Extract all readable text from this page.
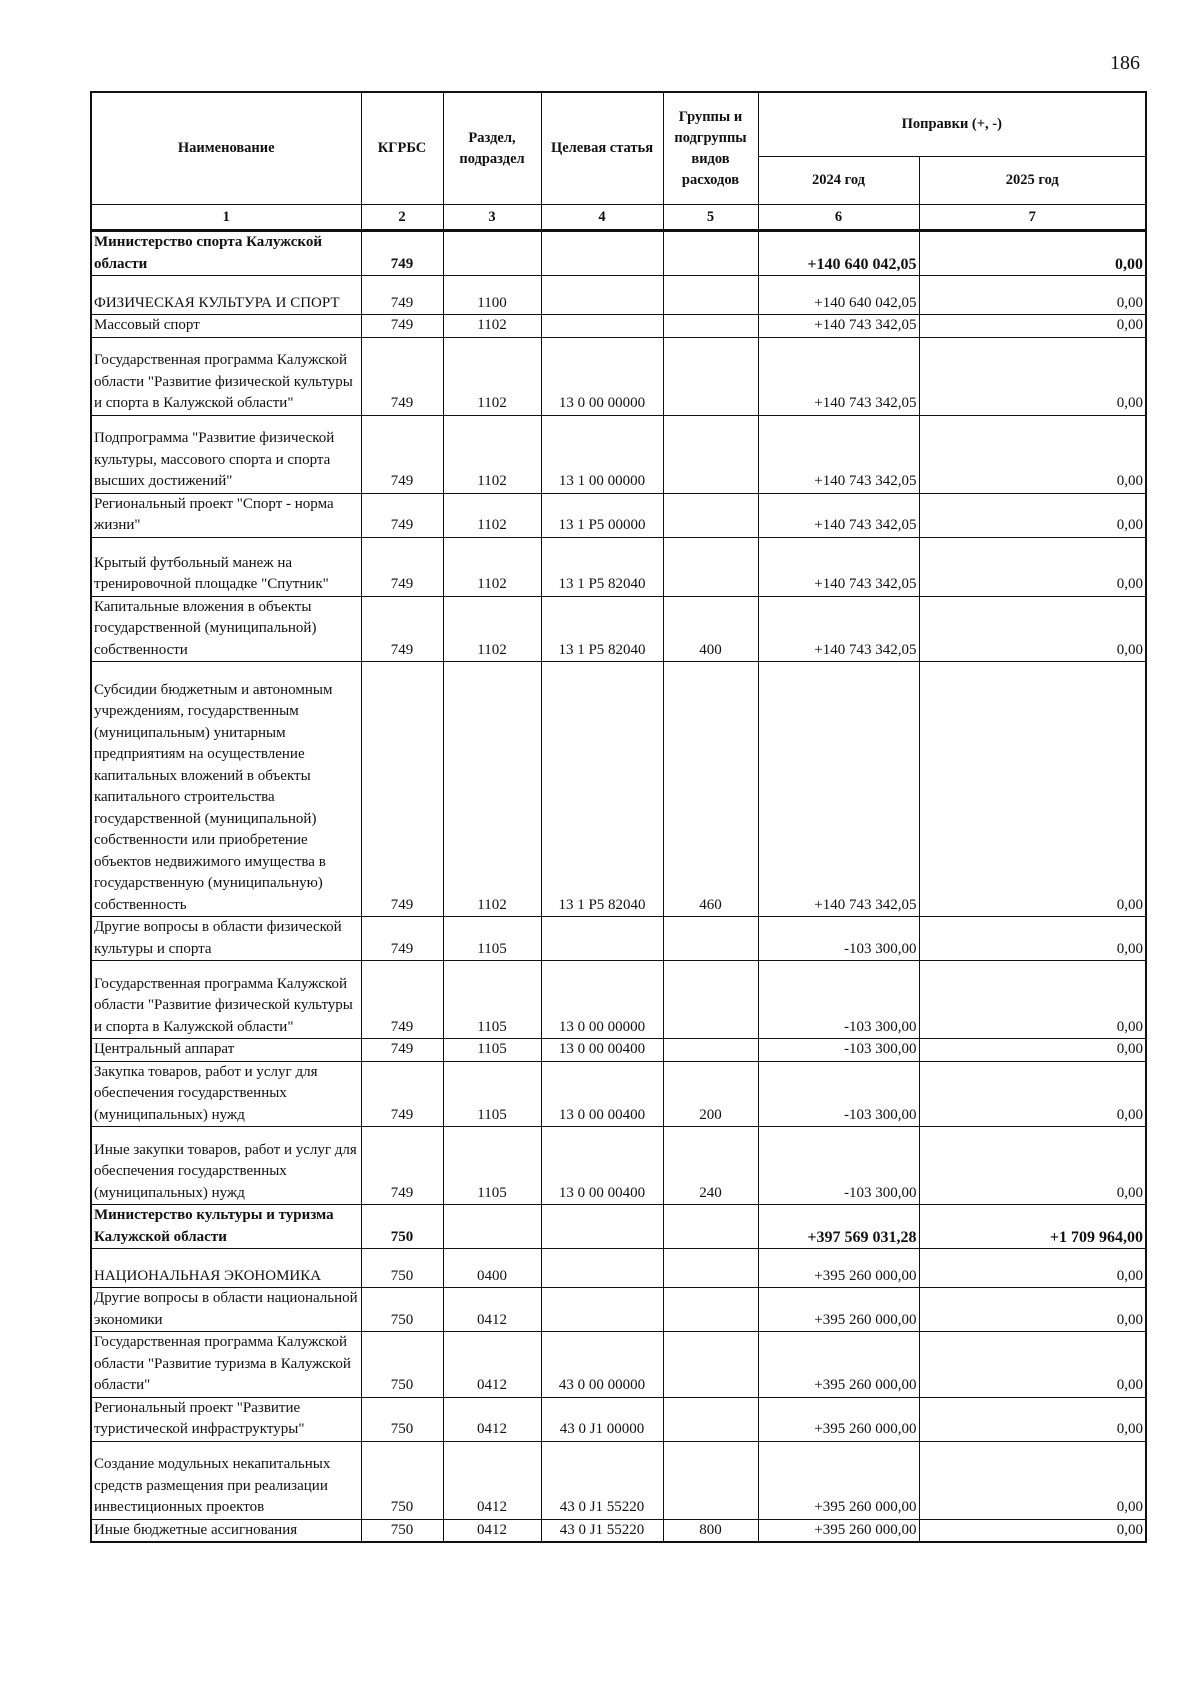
186
Наименование	КГРБС	Раздел, подраздел	Целевая статья	Группы и подгруппы видов расходов	Поправки (+, -)	
					2024 год	2025 год
1	2	3	4	5	6	7
Министерство спорта Калужской области	749				+140 640 042,05	0,00
ФИЗИЧЕСКАЯ КУЛЬТУРА И СПОРТ	749	1100			+140 640 042,05	0,00
Массовый спорт	749	1102			+140 743 342,05	0,00
Государственная программа Калужской области "Развитие физической культуры и спорта в Калужской области"	749	1102	13 0 00 00000		+140 743 342,05	0,00
Подпрограмма "Развитие физической культуры, массового спорта и спорта высших достижений"	749	1102	13 1 00 00000		+140 743 342,05	0,00
Региональный проект "Спорт - норма жизни"	749	1102	13 1 P5 00000		+140 743 342,05	0,00
Крытый футбольный манеж на тренировочной площадке "Спутник"	749	1102	13 1 P5 82040		+140 743 342,05	0,00
Капитальные вложения в объекты государственной (муниципальной) собственности	749	1102	13 1 P5 82040	400	+140 743 342,05	0,00
Субсидии бюджетным и автономным учреждениям, государственным (муниципальным) унитарным предприятиям на осуществление капитальных вложений в объекты капитального строительства государственной (муниципальной) собственности или приобретение объектов недвижимого имущества в государственную (муниципальную) собственность	749	1102	13 1 P5 82040	460	+140 743 342,05	0,00
Другие вопросы в области физической культуры и спорта	749	1105			-103 300,00	0,00
Государственная программа Калужской области "Развитие физической культуры и спорта в Калужской области"	749	1105	13 0 00 00000		-103 300,00	0,00
Центральный аппарат	749	1105	13 0 00 00400		-103 300,00	0,00
Закупка товаров, работ и услуг для обеспечения государственных (муниципальных) нужд	749	1105	13 0 00 00400	200	-103 300,00	0,00
Иные закупки товаров, работ и услуг для обеспечения государственных (муниципальных) нужд	749	1105	13 0 00 00400	240	-103 300,00	0,00
Министерство культуры и туризма Калужской области	750				+397 569 031,28	+1 709 964,00
НАЦИОНАЛЬНАЯ ЭКОНОМИКА	750	0400			+395 260 000,00	0,00
Другие вопросы в области национальной экономики	750	0412			+395 260 000,00	0,00
Государственная программа Калужской области "Развитие туризма в Калужской области"	750	0412	43 0 00 00000		+395 260 000,00	0,00
Региональный проект "Развитие туристической инфраструктуры"	750	0412	43 0 J1 00000		+395 260 000,00	0,00
Создание модульных некапитальных средств размещения при реализации инвестиционных проектов	750	0412	43 0 J1 55220		+395 260 000,00	0,00
Иные бюджетные ассигнования	750	0412	43 0 J1 55220	800	+395 260 000,00	0,00
